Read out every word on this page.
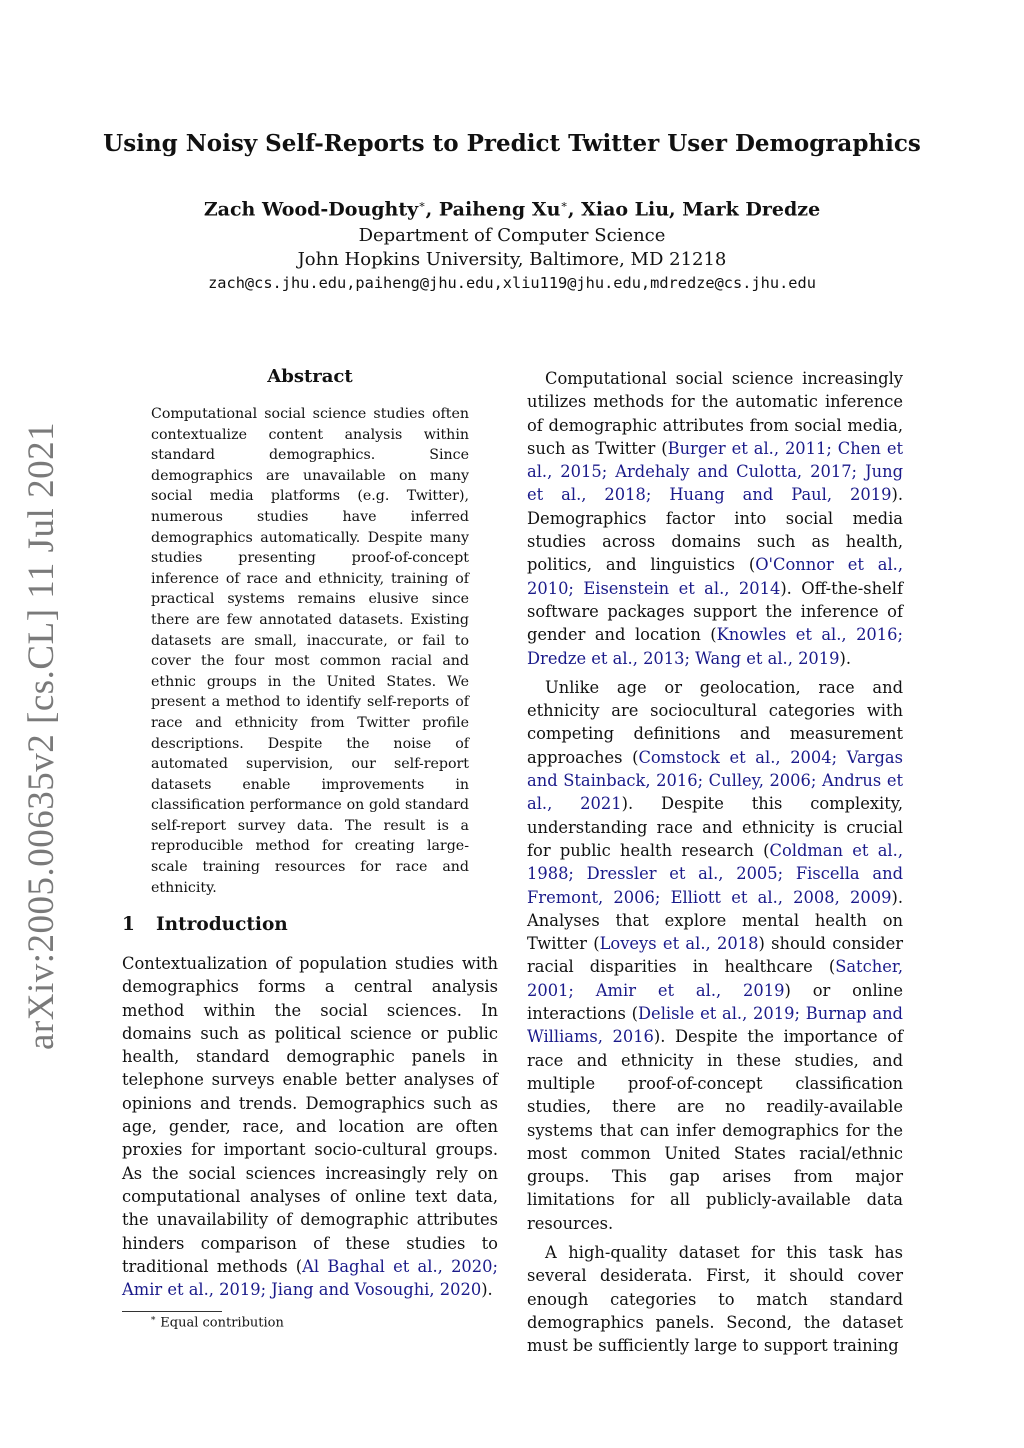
arXiv:2005.00635v2 [cs.CL] 11 Jul 2021
Using Noisy Self-Reports to Predict Twitter User Demographics
Zach Wood-Doughty∗, Paiheng Xu∗, Xiao Liu, Mark Dredze
Department of Computer Science
John Hopkins University, Baltimore, MD 21218
zach@cs.jhu.edu,paiheng@jhu.edu,xliu119@jhu.edu,mdredze@cs.jhu.edu
Abstract
Computational social science studies often contextualize content analysis within standard demographics. Since demographics are unavailable on many social media platforms (e.g. Twitter), numerous studies have inferred demographics automatically. Despite many studies presenting proof-of-concept inference of race and ethnicity, training of practical systems remains elusive since there are few annotated datasets. Existing datasets are small, inaccurate, or fail to cover the four most common racial and ethnic groups in the United States. We present a method to identify self-reports of race and ethnicity from Twitter profile descriptions. Despite the noise of automated supervision, our self-report datasets enable improvements in classification performance on gold standard self-report survey data. The result is a reproducible method for creating large-scale training resources for race and ethnicity.
1 Introduction

Contextualization of population studies with demographics forms a central analysis method within the social sciences. In domains such as political science or public health, standard demographic panels in telephone surveys enable better analyses of opinions and trends. Demographics such as age, gender, race, and location are often proxies for important socio-cultural groups. As the social sciences increasingly rely on computational analyses of online text data, the unavailability of demographic attributes hinders comparison of these studies to traditional methods (Al Baghal et al., 2020; Amir et al., 2019; Jiang and Vosoughi, 2020).

Computational social science increasingly utilizes methods for the automatic inference of demographic attributes from social media, such as Twitter (Burger et al., 2011; Chen et al., 2015; Ardehaly and Culotta, 2017; Jung et al., 2018; Huang and Paul, 2019). Demographics factor into social media studies across domains such as health, politics, and linguistics (O'Connor et al., 2010; Eisenstein et al., 2014). Off-the-shelf software packages support the inference of gender and location (Knowles et al., 2016; Dredze et al., 2013; Wang et al., 2019).

Unlike age or geolocation, race and ethnicity are sociocultural categories with competing definitions and measurement approaches (Comstock et al., 2004; Vargas and Stainback, 2016; Culley, 2006; Andrus et al., 2021). Despite this complexity, understanding race and ethnicity is crucial for public health research (Coldman et al., 1988; Dressler et al., 2005; Fiscella and Fremont, 2006; Elliott et al., 2008, 2009). Analyses that explore mental health on Twitter (Loveys et al., 2018) should consider racial disparities in healthcare (Satcher, 2001; Amir et al., 2019) or online interactions (Delisle et al., 2019; Burnap and Williams, 2016). Despite the importance of race and ethnicity in these studies, and multiple proof-of-concept classification studies, there are no readily-available systems that can infer demographics for the most common United States racial/ethnic groups. This gap arises from major limitations for all publicly-available data resources.

A high-quality dataset for this task has several desiderata. First, it should cover enough categories to match standard demographics panels. Second, the dataset must be sufficiently large to support training

∗ Equal contribution
